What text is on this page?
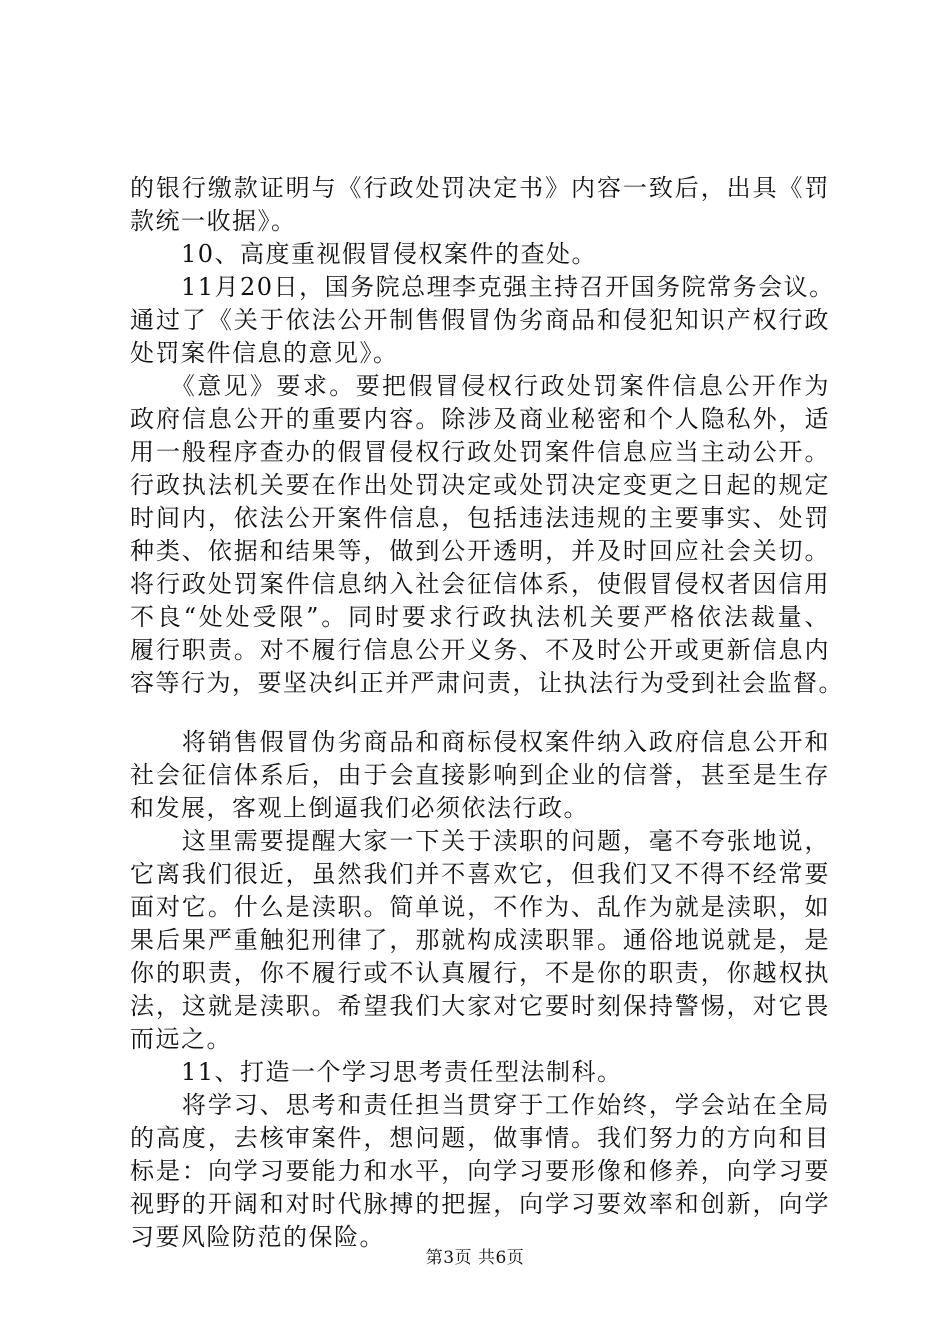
的银行缴款证明与《行政处罚决定书》内容一致后，出具《罚
款统一收据》。
　　10、高度重视假冒侵权案件的查处。
　　11月20日，国务院总理李克强主持召开国务院常务会议。
通过了《关于依法公开制售假冒伪劣商品和侵犯知识产权行政
处罚案件信息的意见》。
　　《意见》要求。要把假冒侵权行政处罚案件信息公开作为
政府信息公开的重要内容。除涉及商业秘密和个人隐私外，适
用一般程序查办的假冒侵权行政处罚案件信息应当主动公开。
行政执法机关要在作出处罚决定或处罚决定变更之日起的规定
时间内，依法公开案件信息，包括违法违规的主要事实、处罚
种类、依据和结果等，做到公开透明，并及时回应社会关切。
将行政处罚案件信息纳入社会征信体系，使假冒侵权者因信用
不良“处处受限”。同时要求行政执法机关要严格依法裁量、
履行职责。对不履行信息公开义务、不及时公开或更新信息内
容等行为，要坚决纠正并严肃问责，让执法行为受到社会监督。
　　将销售假冒伪劣商品和商标侵权案件纳入政府信息公开和
社会征信体系后，由于会直接影响到企业的信誉，甚至是生存
和发展，客观上倒逼我们必须依法行政。
　　这里需要提醒大家一下关于渎职的问题，毫不夸张地说，
它离我们很近，虽然我们并不喜欢它，但我们又不得不经常要
面对它。什么是渎职。简单说，不作为、乱作为就是渎职，如
果后果严重触犯刑律了，那就构成渎职罪。通俗地说就是，是
你的职责，你不履行或不认真履行，不是你的职责，你越权执
法，这就是渎职。希望我们大家对它要时刻保持警惕，对它畏
而远之。
　　11、打造一个学习思考责任型法制科。
　　将学习、思考和责任担当贯穿于工作始终，学会站在全局
的高度，去核审案件，想问题，做事情。我们努力的方向和目
标是：向学习要能力和水平，向学习要形像和修养，向学习要
视野的开阔和对时代脉搏的把握，向学习要效率和创新，向学
习要风险防范的保险。
第3页 共6页
